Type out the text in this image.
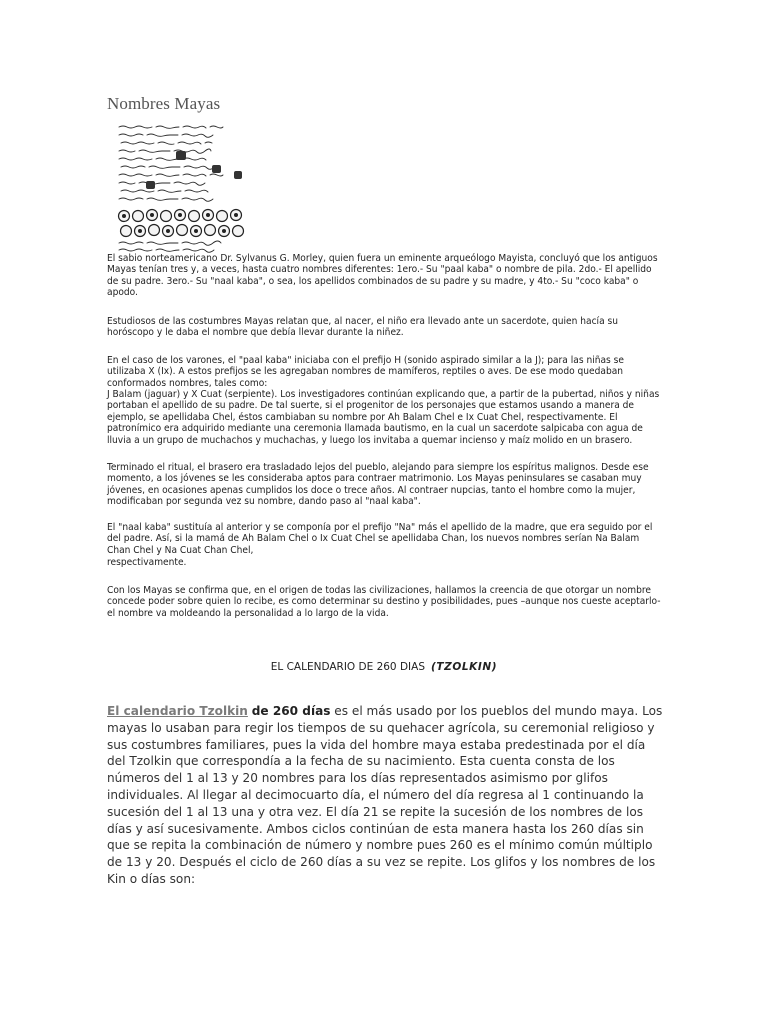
Nombres Mayas

El sabio norteamericano Dr. Sylvanus G. Morley, quien fuera un eminente arqueólogo Mayista, concluyó que los antiguos Mayas tenían tres y, a veces, hasta cuatro nombres diferentes: 1ero.- Su "paal kaba" o nombre de pila. 2do.- El apellido de su padre. 3ero.- Su "naal kaba", o sea, los apellidos combinados de su padre y su madre, y 4to.- Su "coco kaba" o apodo.

Estudiosos de las costumbres Mayas relatan que, al nacer, el niño era llevado ante un sacerdote, quien hacía su horóscopo y le daba el nombre que debía llevar durante la niñez.

En el caso de los varones, el "paal kaba" iniciaba con el prefijo H (sonido aspirado similar a la J); para las niñas se utilizaba X (Ix). A estos prefijos se les agregaban nombres de mamíferos, reptiles o aves. De ese modo quedaban conformados nombres, tales como:

J Balam (jaguar) y X Cuat (serpiente). Los investigadores continúan explicando que, a partir de la pubertad, niños y niñas portaban el apellido de su padre. De tal suerte, si el progenitor de los personajes que estamos usando a manera de ejemplo, se apellidaba Chel, éstos cambiaban su nombre por Ah Balam Chel e Ix Cuat Chel, respectivamente. El patronímico era adquirido mediante una ceremonia llamada bautismo, en la cual un sacerdote salpicaba con agua de lluvia a un grupo de muchachos y muchachas, y luego los invitaba a quemar incienso y maíz molido en un brasero.

Terminado el ritual, el brasero era trasladado lejos del pueblo, alejando para siempre los espíritus malignos. Desde ese momento, a los jóvenes se les consideraba aptos para contraer matrimonio. Los Mayas peninsulares se casaban muy jóvenes, en ocasiones apenas cumplidos los doce o trece años. Al contraer nupcias, tanto el hombre como la mujer, modificaban por segunda vez su nombre, dando paso al "naal kaba".

El "naal kaba" sustituía al anterior y se componía por el prefijo "Na" más el apellido de la madre, que era seguido por el del padre. Así, si la mamá de Ah Balam Chel o Ix Cuat Chel se apellidaba Chan, los nuevos nombres serían Na Balam Chan Chel y Na Cuat Chan Chel,

respectivamente.

Con los Mayas se confirma que, en el origen de todas las civilizaciones, hallamos la creencia de que otorgar un nombre concede poder sobre quien lo recibe, es como determinar su destino y posibilidades, pues –aunque nos cueste aceptarlo- el nombre va moldeando la personalidad a lo largo de la vida.

EL CALENDARIO DE 260 DIAS (TZOLKIN)

El calendario Tzolkin de 260 días es el más usado por los pueblos del mundo maya. Los mayas lo usaban para regir los tiempos de su quehacer agrícola, su ceremonial religioso y sus costumbres familiares, pues la vida del hombre maya estaba predestinada por el día del Tzolkin que correspondía a la fecha de su nacimiento. Esta cuenta consta de los números del 1 al 13 y 20 nombres para los días representados asimismo por glifos individuales. Al llegar al decimocuarto día, el número del día regresa al 1 continuando la sucesión del 1 al 13 una y otra vez. El día 21 se repite la sucesión de los nombres de los días y así sucesivamente. Ambos ciclos continúan de esta manera hasta los 260 días sin que se repita la combinación de número y nombre pues 260 es el mínimo común múltiplo de 13 y 20. Después el ciclo de 260 días a su vez se repite. Los glifos y los nombres de los Kin o días son:
